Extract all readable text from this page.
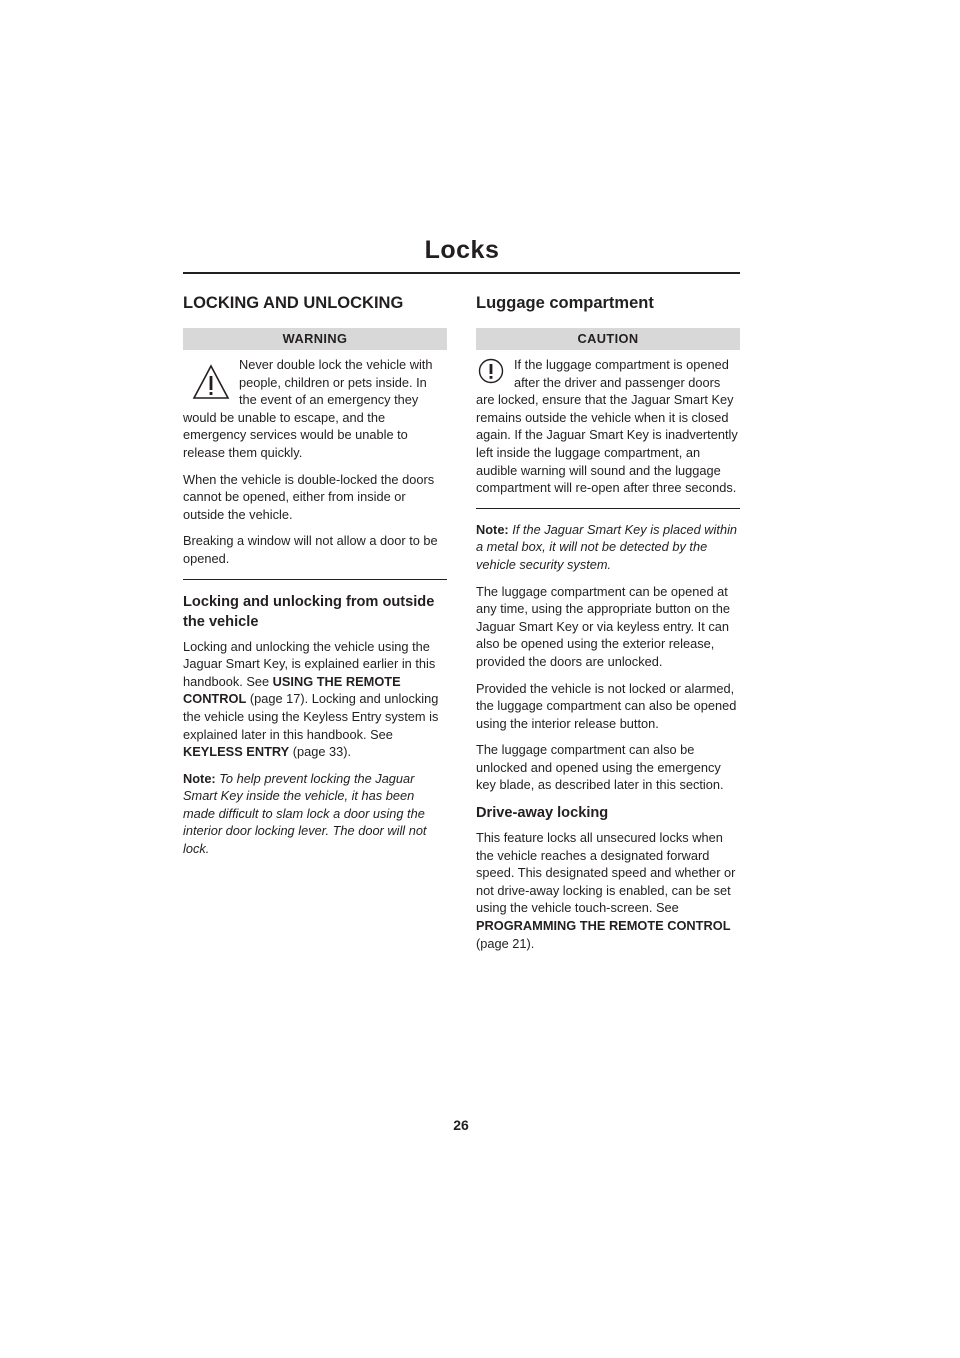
Locks
LOCKING AND UNLOCKING
WARNING

Never double lock the vehicle with people, children or pets inside. In the event of an emergency they would be unable to escape, and the emergency services would be unable to release them quickly.

When the vehicle is double-locked the doors cannot be opened, either from inside or outside the vehicle.

Breaking a window will not allow a door to be opened.

Locking and unlocking from outside the vehicle

Locking and unlocking the vehicle using the Jaguar Smart Key, is explained earlier in this handbook. See USING THE REMOTE CONTROL (page 17). Locking and unlocking the vehicle using the Keyless Entry system is explained later in this handbook. See KEYLESS ENTRY (page 33).

Note: To help prevent locking the Jaguar Smart Key inside the vehicle, it has been made difficult to slam lock a door using the interior door locking lever. The door will not lock.

Luggage compartment
CAUTION

If the luggage compartment is opened after the driver and passenger doors are locked, ensure that the Jaguar Smart Key remains outside the vehicle when it is closed again. If the Jaguar Smart Key is inadvertently left inside the luggage compartment, an audible warning will sound and the luggage compartment will re-open after three seconds.

Note: If the Jaguar Smart Key is placed within a metal box, it will not be detected by the vehicle security system.

The luggage compartment can be opened at any time, using the appropriate button on the Jaguar Smart Key or via keyless entry. It can also be opened using the exterior release, provided the doors are unlocked.

Provided the vehicle is not locked or alarmed, the luggage compartment can also be opened using the interior release button.

The luggage compartment can also be unlocked and opened using the emergency key blade, as described later in this section.

Drive-away locking

This feature locks all unsecured locks when the vehicle reaches a designated forward speed. This designated speed and whether or not drive-away locking is enabled, can be set using the vehicle touch-screen. See PROGRAMMING THE REMOTE CONTROL (page 21).

26
